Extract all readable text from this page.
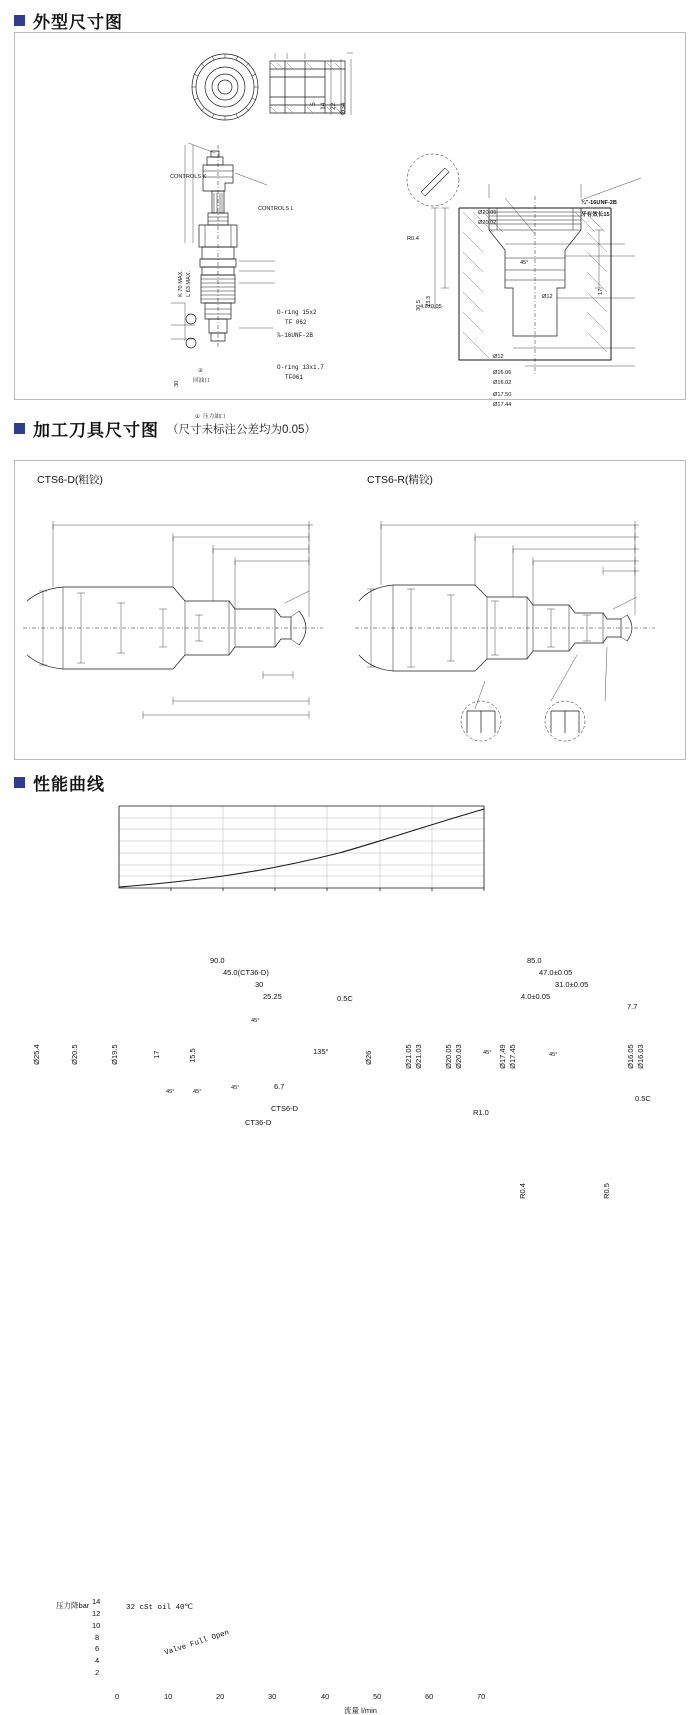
外型尺寸图
5 14 22 Ø34
CONTROLS K
CONTROLS L
K 70 MAX. L 63 MAX.
30
②
回油口
① 压力油口
O-ring 15x2
TF 062
⅞-16UNF-2B
O-ring 13x1.7
TF061
R0.4
Ø20.06
Ø20.02
¾"-16UNF-2B
牙有效长15
30.5 23.3
4.0±0.05
45°
17
Ø12
Ø12
Ø16.06
Ø16.02
Ø17.50
Ø17.44
加工刀具尺寸图 （尺寸未标注公差均为0.05）
CTS6-D(粗铰)	CTS6-R(精铰)
90.0
45.0(CT36-D)
30
25.25	0.5C
Ø25.4	Ø20.5	Ø19.5	17	15.5
6.7
135°
45°	45°
45°
45°
CTS6-D
CT36-D
85.0
47.0±0.05
31.0±0.05
4.0±0.05
7.7
Ø26	Ø21.05 Ø21.03	Ø20.05 Ø20.03	Ø17.49 Ø17.45	Ø16.05 Ø16.03
45°	45°
0.5C
R1.0
R0.4	R0.5
性能曲线
压力降bar 14
12
10
8
6
4
2
32 cSt oil 40℃
Valve Full Open
0	10	20	30	40	50	60	70
流量 l/min
